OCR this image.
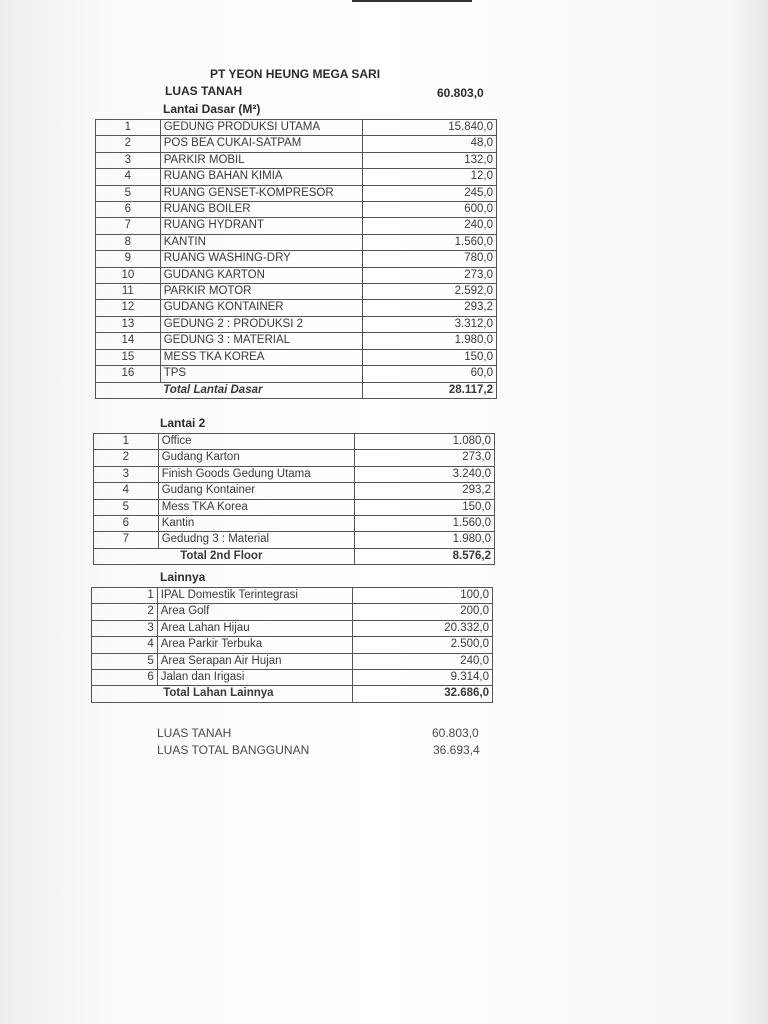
PT YEON HEUNG MEGA SARI
LUAS TANAH	60.803,0
Lantai Dasar (M²)
1	GEDUNG PRODUKSI UTAMA	15.840,0
2	POS BEA CUKAI-SATPAM	48,0
3	PARKIR MOBIL	132,0
4	RUANG BAHAN KIMIA	12,0
5	RUANG GENSET-KOMPRESOR	245,0
6	RUANG BOILER	600,0
7	RUANG HYDRANT	240,0
8	KANTIN	1.560,0
9	RUANG WASHING-DRY	780,0
10	GUDANG KARTON	273,0
11	PARKIR MOTOR	2.592,0
12	GUDANG KONTAINER	293,2
13	GEDUNG 2 : PRODUKSI 2	3.312,0
14	GEDUNG 3 : MATERIAL	1.980,0
15	MESS TKA KOREA	150,0
16	TPS	60,0
	Total Lantai Dasar	28.117,2
Lantai 2
1	Office	1.080,0
2	Gudang Karton	273,0
3	Finish Goods Gedung Utama	3.240,0
4	Gudang Kontainer	293,2
5	Mess TKA Korea	150,0
6	Kantin	1.560,0
7	Gedudng 3 : Material	1.980,0
	Total 2nd Floor	8.576,2
Lainnya
1	IPAL Domestik Terintegrasi	100,0
2	Area Golf	200,0
3	Area Lahan Hijau	20.332,0
4	Area Parkir Terbuka	2.500,0
5	Area Serapan Air Hujan	240,0
6	Jalan dan Irigasi	9.314,0
	Total Lahan Lainnya	32.686,0
LUAS TANAH	60.803,0
LUAS TOTAL BANGGUNAN	36.693,4
